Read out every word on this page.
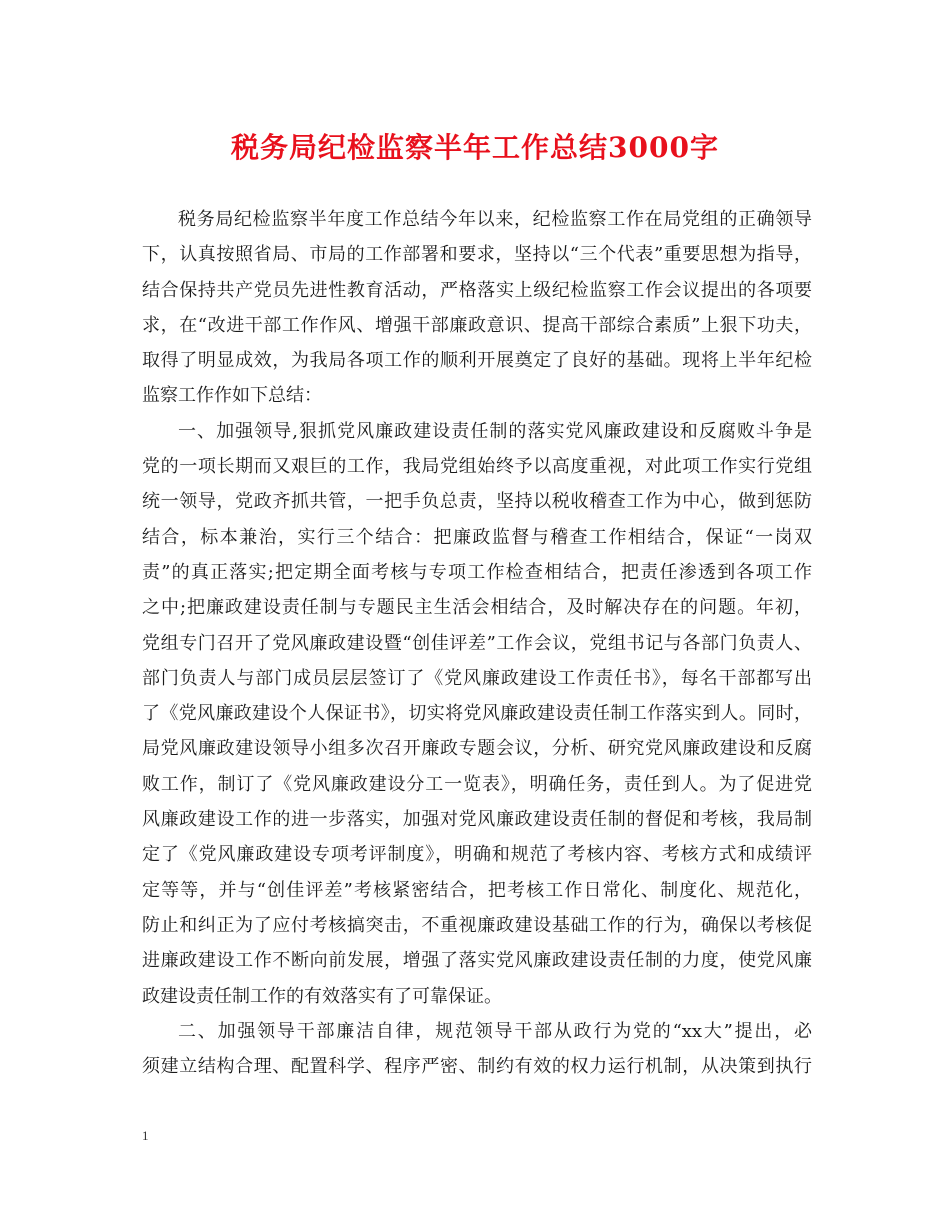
税务局纪检监察半年工作总结3000字
税务局纪检监察半年度工作总结今年以来，纪检监察工作在局党组的正确领导
下，认真按照省局、市局的工作部署和要求，坚持以“三个代表”重要思想为指导，
结合保持共产党员先进性教育活动，严格落实上级纪检监察工作会议提出的各项要
求，在“改进干部工作作风、增强干部廉政意识、提高干部综合素质”上狠下功夫，
取得了明显成效，为我局各项工作的顺利开展奠定了良好的基础。现将上半年纪检
监察工作作如下总结：
一、加强领导,狠抓党风廉政建设责任制的落实党风廉政建设和反腐败斗争是
党的一项长期而又艰巨的工作，我局党组始终予以高度重视，对此项工作实行党组
统一领导，党政齐抓共管，一把手负总责，坚持以税收稽查工作为中心，做到惩防
结合，标本兼治，实行三个结合：把廉政监督与稽查工作相结合，保证“一岗双
责”的真正落实;把定期全面考核与专项工作检查相结合，把责任渗透到各项工作
之中;把廉政建设责任制与专题民主生活会相结合，及时解决存在的问题。年初，
党组专门召开了党风廉政建设暨“创佳评差”工作会议，党组书记与各部门负责人、
部门负责人与部门成员层层签订了《党风廉政建设工作责任书》，每名干部都写出
了《党风廉政建设个人保证书》，切实将党风廉政建设责任制工作落实到人。同时，
局党风廉政建设领导小组多次召开廉政专题会议，分析、研究党风廉政建设和反腐
败工作，制订了《党风廉政建设分工一览表》，明确任务，责任到人。为了促进党
风廉政建设工作的进一步落实，加强对党风廉政建设责任制的督促和考核，我局制
定了《党风廉政建设专项考评制度》，明确和规范了考核内容、考核方式和成绩评
定等等，并与“创佳评差”考核紧密结合，把考核工作日常化、制度化、规范化，
防止和纠正为了应付考核搞突击，不重视廉政建设基础工作的行为，确保以考核促
进廉政建设工作不断向前发展，增强了落实党风廉政建设责任制的力度，使党风廉
政建设责任制工作的有效落实有了可靠保证。
二、加强领导干部廉洁自律，规范领导干部从政行为党的“xx大”提出，必
须建立结构合理、配置科学、程序严密、制约有效的权力运行机制，从决策到执行
1
